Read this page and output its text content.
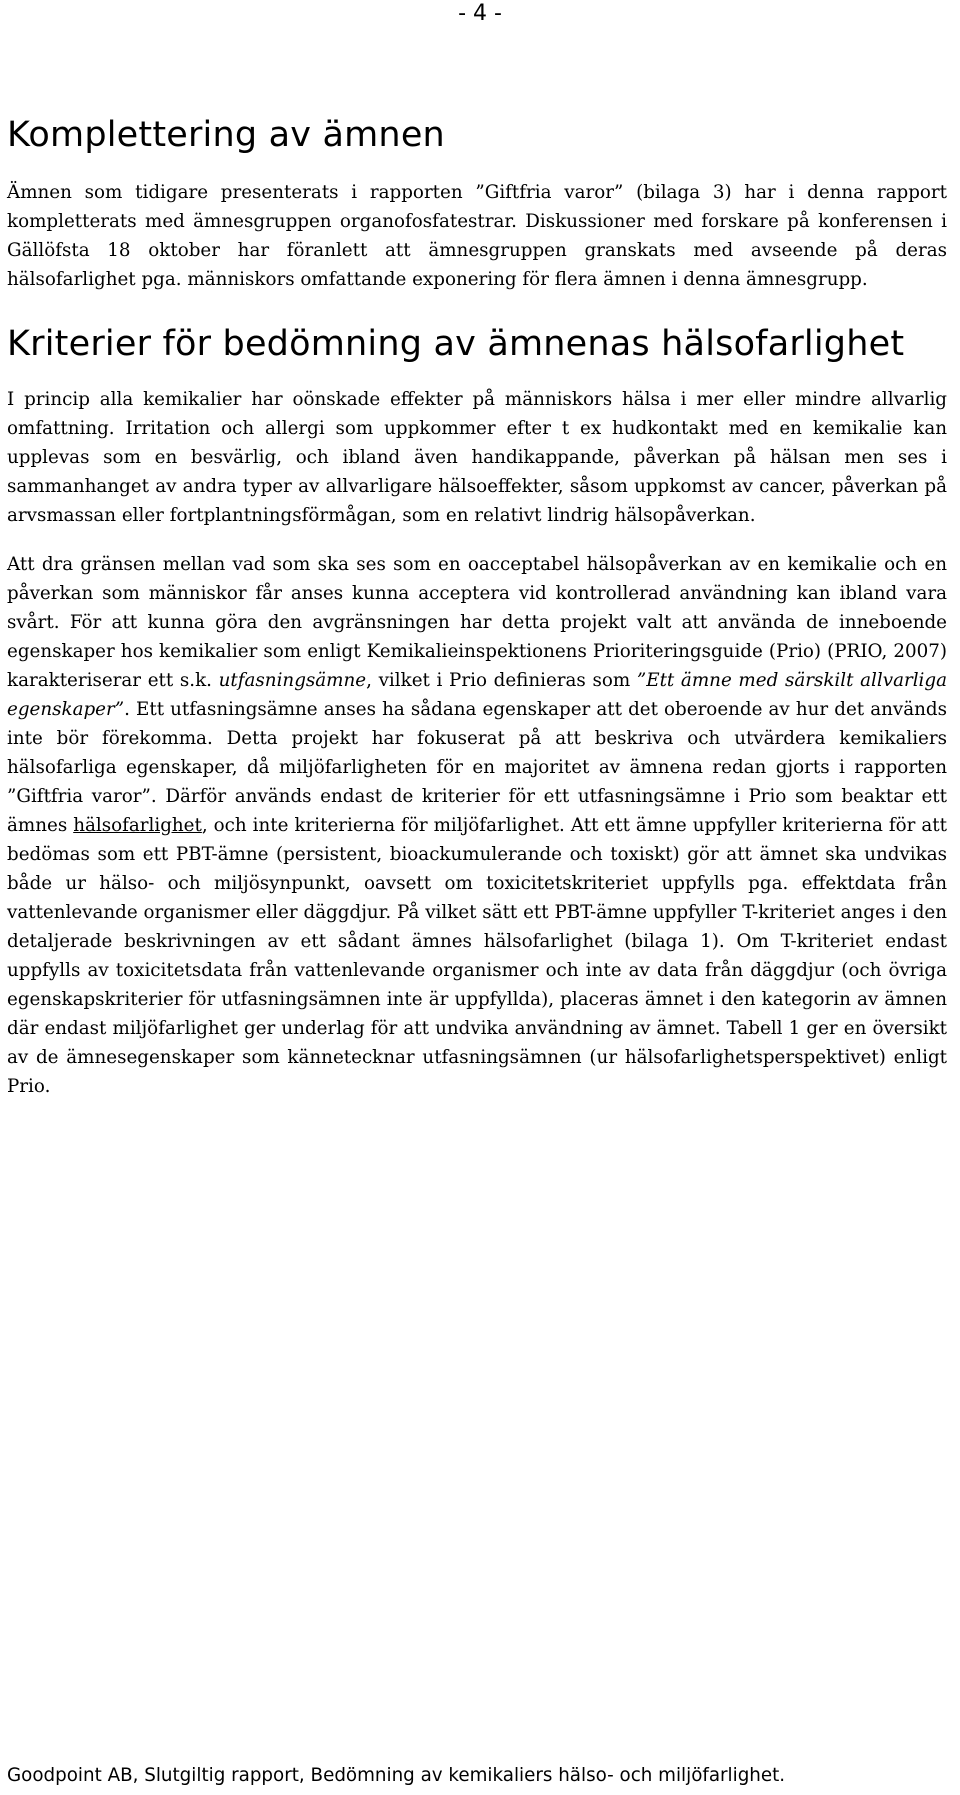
- 4 -
Komplettering av ämnen

Ämnen som tidigare presenterats i rapporten ”Giftfria varor” (bilaga 3) har i denna rapport kompletterats med ämnesgruppen organofosfatestrar. Diskussioner med forskare på konferensen i Gällöfsta 18 oktober har föranlett att ämnesgruppen granskats med avseende på deras hälsofarlighet pga. människors omfattande exponering för flera ämnen i denna ämnesgrupp.

Kriterier för bedömning av ämnenas hälsofarlighet

I princip alla kemikalier har oönskade effekter på människors hälsa i mer eller mindre allvarlig omfattning. Irritation och allergi som uppkommer efter t ex hudkontakt med en kemikalie kan upplevas som en besvärlig, och ibland även handikappande, påverkan på hälsan men ses i sammanhanget av andra typer av allvarligare hälsoeffekter, såsom uppkomst av cancer, påverkan på arvsmassan eller fortplantningsförmågan, som en relativt lindrig hälsopåverkan.

Att dra gränsen mellan vad som ska ses som en oacceptabel hälsopåverkan av en kemikalie och en påverkan som människor får anses kunna acceptera vid kontrollerad användning kan ibland vara svårt. För att kunna göra den avgränsningen har detta projekt valt att använda de inneboende egenskaper hos kemikalier som enligt Kemikalieinspektionens Prioriteringsguide (Prio) (PRIO, 2007) karakteriserar ett s.k. utfasningsämne, vilket i Prio definieras som ”Ett ämne med särskilt allvarliga egenskaper”. Ett utfasningsämne anses ha sådana egenskaper att det oberoende av hur det används inte bör förekomma. Detta projekt har fokuserat på att beskriva och utvärdera kemikaliers hälsofarliga egenskaper, då miljöfarligheten för en majoritet av ämnena redan gjorts i rapporten ”Giftfria varor”. Därför används endast de kriterier för ett utfasningsämne i Prio som beaktar ett ämnes hälsofarlighet, och inte kriterierna för miljöfarlighet. Att ett ämne uppfyller kriterierna för att bedömas som ett PBT-ämne (persistent, bioackumulerande och toxiskt) gör att ämnet ska undvikas både ur hälso- och miljösynpunkt, oavsett om toxicitetskriteriet uppfylls pga. effektdata från vattenlevande organismer eller däggdjur. På vilket sätt ett PBT-ämne uppfyller T-kriteriet anges i den detaljerade beskrivningen av ett sådant ämnes hälsofarlighet (bilaga 1). Om T-kriteriet endast uppfylls av toxicitetsdata från vattenlevande organismer och inte av data från däggdjur (och övriga egenskapskriterier för utfasningsämnen inte är uppfyllda), placeras ämnet i den kategorin av ämnen där endast miljöfarlighet ger underlag för att undvika användning av ämnet. Tabell 1 ger en översikt av de ämnesegenskaper som kännetecknar utfasningsämnen (ur hälsofarlighetsperspektivet) enligt Prio.

Goodpoint AB, Slutgiltig rapport, Bedömning av kemikaliers hälso- och miljöfarlighet.
